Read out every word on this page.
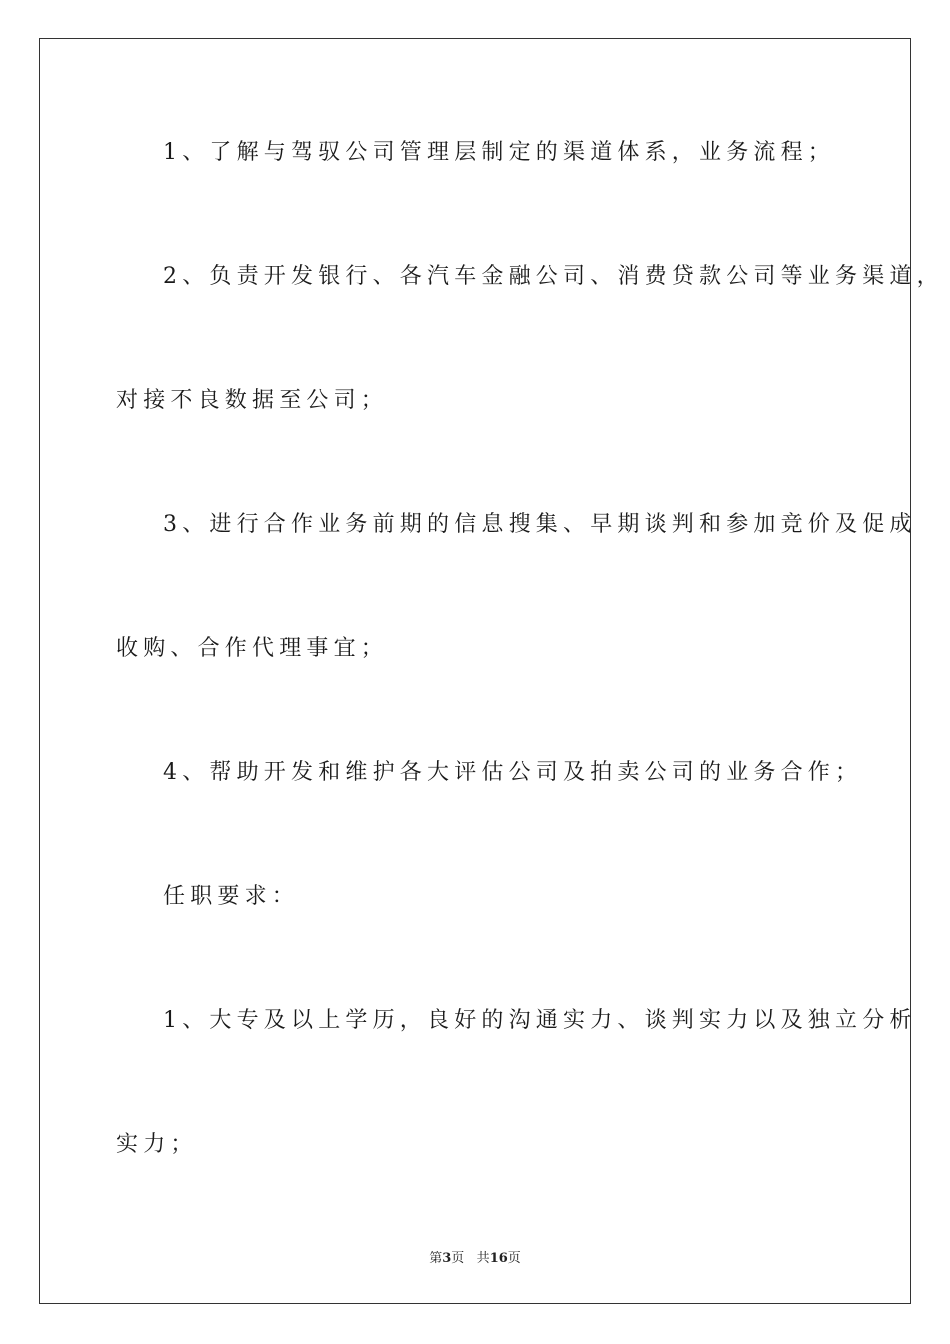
1、了解与驾驭公司管理层制定的渠道体系，业务流程；
2、负责开发银行、各汽车金融公司、消费贷款公司等业务渠道，
对接不良数据至公司；
3、进行合作业务前期的信息搜集、早期谈判和参加竞价及促成
收购、合作代理事宜；
4、帮助开发和维护各大评估公司及拍卖公司的业务合作；
任职要求：
1、大专及以上学历，良好的沟通实力、谈判实力以及独立分析
实力；
第3页 共16页
